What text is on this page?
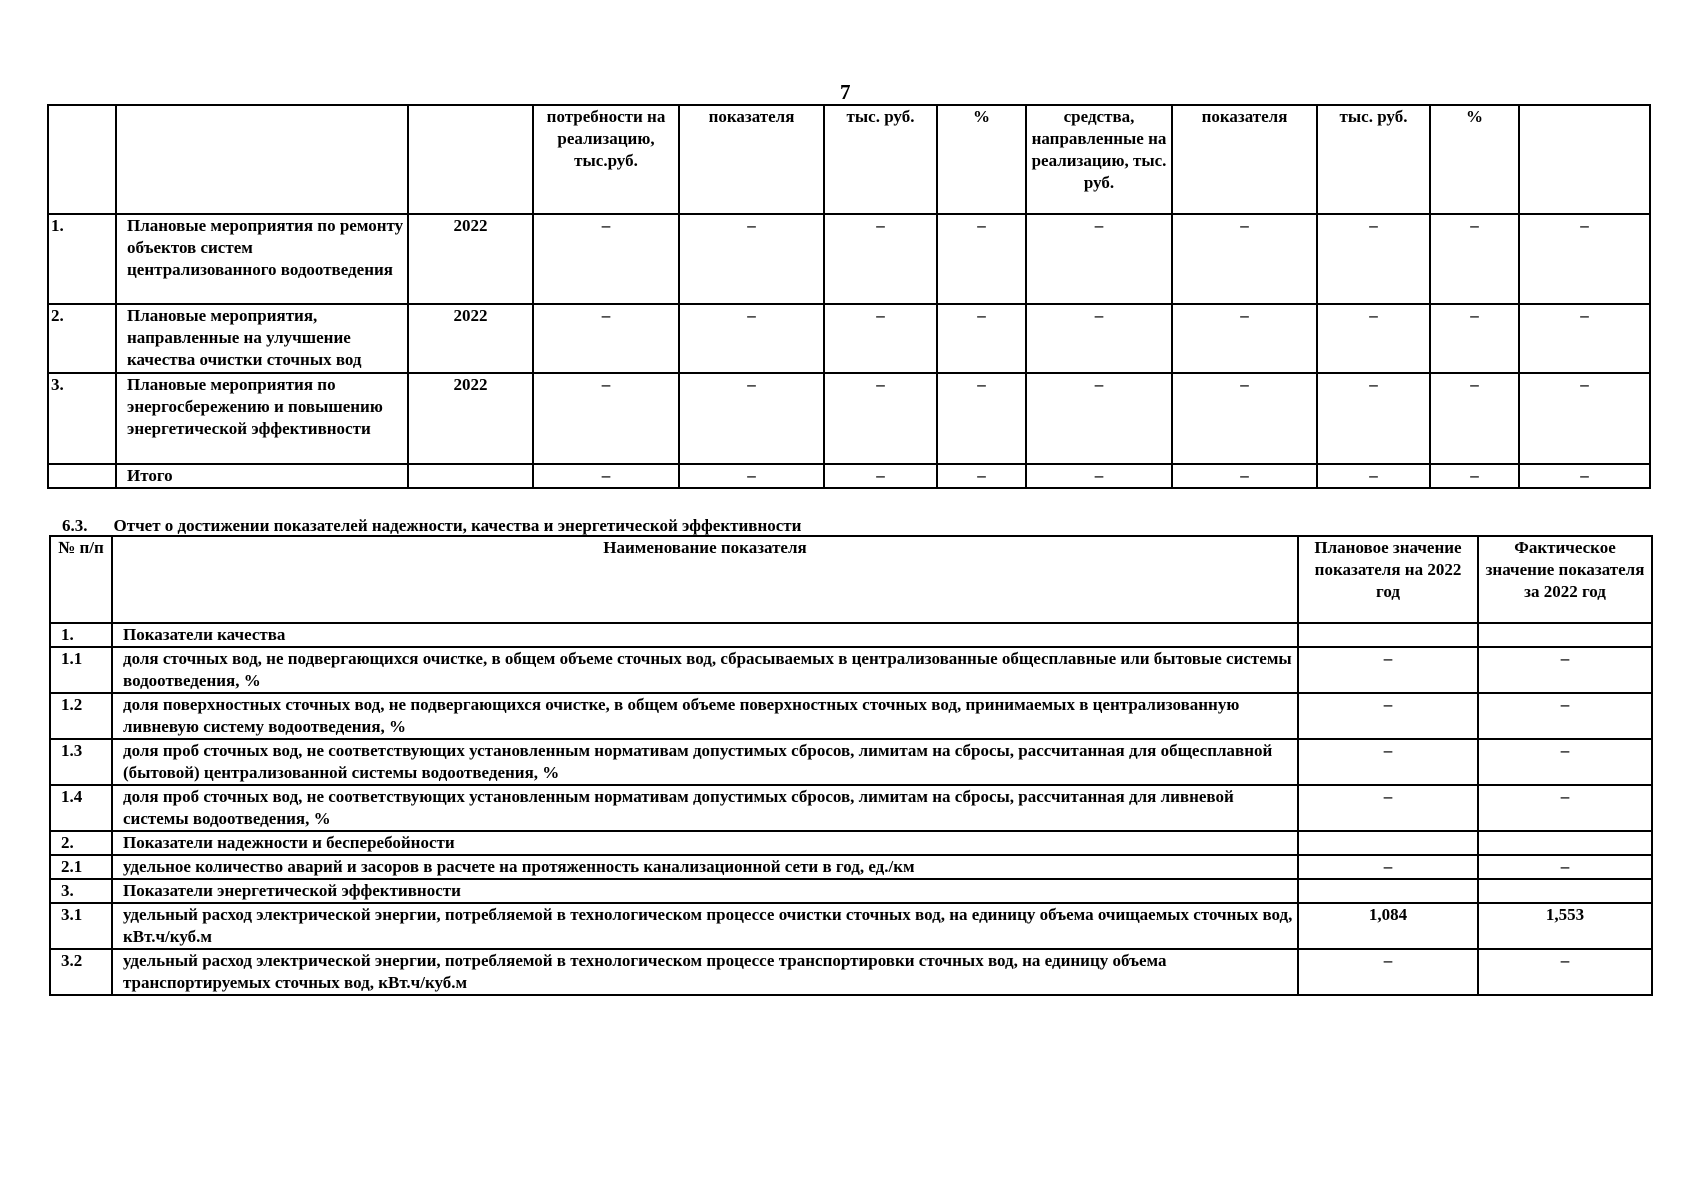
7
			потребности на реализацию, тыс.руб.	показателя	тыс. руб.	%	средства, направленные на реализацию, тыс. руб.	показателя	тыс. руб.	%	
1.	Плановые мероприятия по ремонту объектов систем централизованного водоотведения	2022	–	–	–	–	–	–	–	–	–
2.	Плановые мероприятия, направленные на улучшение качества очистки сточных вод	2022	–	–	–	–	–	–	–	–	–
3.	Плановые мероприятия по энергосбережению и повышению энергетической эффективности	2022	–	–	–	–	–	–	–	–	–
	Итого		–	–	–	–	–	–	–	–	–
6.3. Отчет о достижении показателей надежности, качества и энергетической эффективности
№ п/п	Наименование показателя	Плановое значение показателя на 2022 год	Фактическое значение показателя за 2022 год
1.	Показатели качества		
1.1	доля сточных вод, не подвергающихся очистке, в общем объеме сточных вод, сбрасываемых в централизованные общесплавные или бытовые системы водоотведения, %	–	–
1.2	доля поверхностных сточных вод, не подвергающихся очистке, в общем объеме поверхностных сточных вод, принимаемых в централизованную ливневую систему водоотведения, %	–	–
1.3	доля проб сточных вод, не соответствующих установленным нормативам допустимых сбросов, лимитам на сбросы, рассчитанная для общесплавной (бытовой) централизованной системы водоотведения, %	–	–
1.4	доля проб сточных вод, не соответствующих установленным нормативам допустимых сбросов, лимитам на сбросы, рассчитанная для ливневой системы водоотведения, %	–	–
2.	Показатели надежности и бесперебойности		
2.1	удельное количество аварий и засоров в расчете на протяженность канализационной сети в год, ед./км	–	–
3.	Показатели энергетической эффективности		
3.1	удельный расход электрической энергии, потребляемой в технологическом процессе очистки сточных вод, на единицу объема очищаемых сточных вод, кВт.ч/куб.м	1,084	1,553
3.2	удельный расход электрической энергии, потребляемой в технологическом процессе транспортировки сточных вод, на единицу объема транспортируемых сточных вод, кВт.ч/куб.м	–	–
